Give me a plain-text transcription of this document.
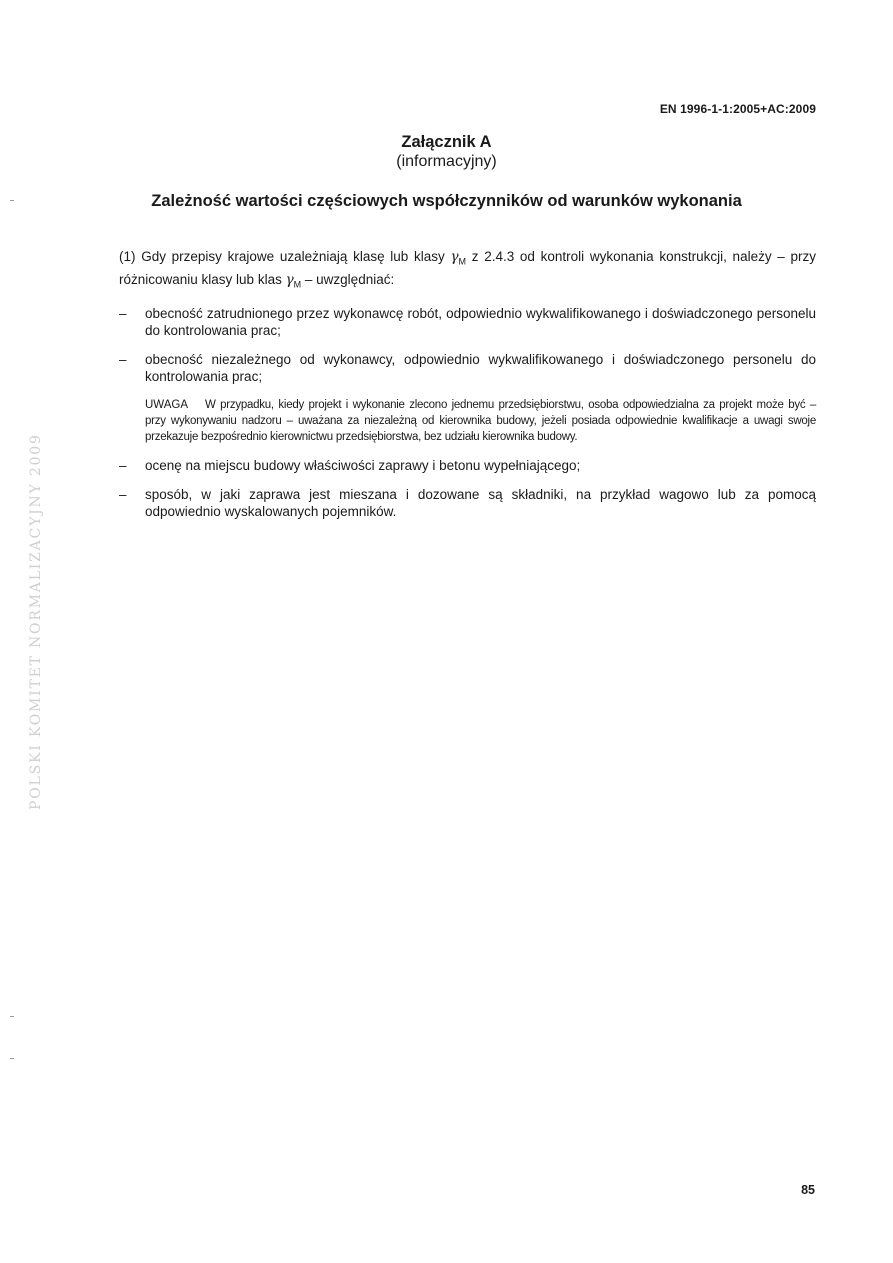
EN 1996-1-1:2005+AC:2009
Załącznik A
(informacyjny)
Zależność wartości częściowych współczynników od warunków wykonania

(1) Gdy przepisy krajowe uzależniają klasę lub klasy $\gamma_M$ z 2.4.3 od kontroli wykonania konstrukcji, należy – przy różnicowaniu klasy lub klas $\gamma_M$ – uwzględniać:

– obecność zatrudnionego przez wykonawcę robót, odpowiednio wykwalifikowanego i doświadczonego personelu do kontrolowania prac;
– obecność niezależnego od wykonawcy, odpowiednio wykwalifikowanego i doświadczonego personelu do kontrolowania prac;
UWAGA W przypadku, kiedy projekt i wykonanie zlecono jednemu przedsiębiorstwu, osoba odpowiedzialna za projekt może być – przy wykonywaniu nadzoru – uważana za niezależną od kierownika budowy, jeżeli posiada odpowiednie kwalifikacje a uwagi swoje przekazuje bezpośrednio kierownictwu przedsiębiorstwa, bez udziału kierownika budowy.
– ocenę na miejscu budowy właściwości zaprawy i betonu wypełniającego;
– sposób, w jaki zaprawa jest mieszana i dozowane są składniki, na przykład wagowo lub za pomocą odpowiednio wyskalowanych pojemników.
POLSKI KOMITET NORMALIZACYJNY 2009
85
